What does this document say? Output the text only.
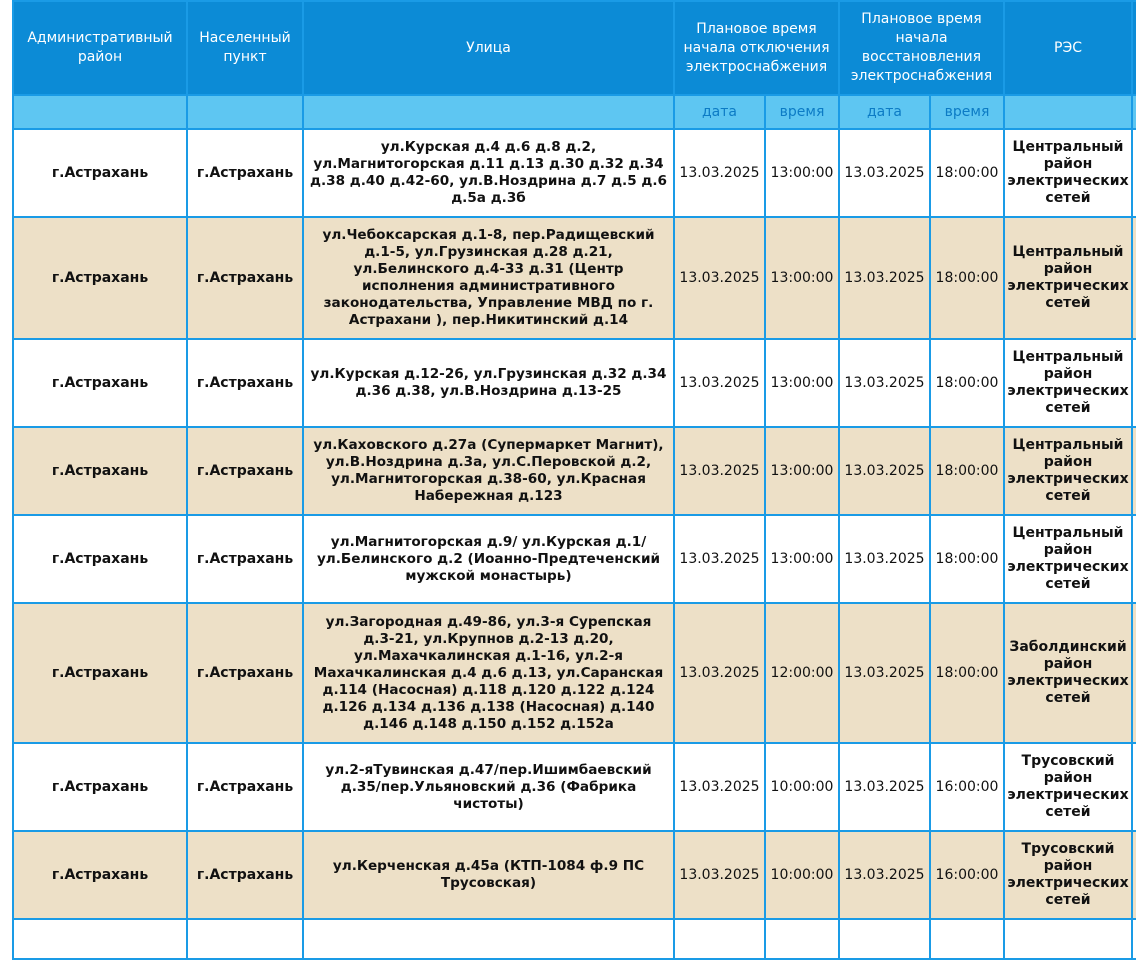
Административный район	Населенный пункт	Улица	Плановое время начала отключения электроснабжения		Плановое время начала восстановления электроснабжения		РЭС	
			дата	время	дата	время		
г.Астрахань	г.Астрахань	ул.Курская д.4 д.6 д.8 д.2, ул.Магнитогорская д.11 д.13 д.30 д.32 д.34 д.38 д.40 д.42-60, ул.В.Ноздрина д.7 д.5 д.6 д.5а д.3б	13.03.2025	13:00:00	13.03.2025	18:00:00	Центральный район электрических сетей	
г.Астрахань	г.Астрахань	ул.Чебоксарская д.1-8, пер.Радищевский д.1-5, ул.Грузинская д.28 д.21, ул.Белинского д.4-33 д.31 (Центр исполнения административного законодательства, Управление МВД по г. Астрахани ), пер.Никитинский д.14	13.03.2025	13:00:00	13.03.2025	18:00:00	Центральный район электрических сетей	
г.Астрахань	г.Астрахань	ул.Курская д.12-26, ул.Грузинская д.32 д.34 д.36 д.38, ул.В.Ноздрина д.13-25	13.03.2025	13:00:00	13.03.2025	18:00:00	Центральный район электрических сетей	
г.Астрахань	г.Астрахань	ул.Каховского д.27а (Супермаркет Магнит), ул.В.Ноздрина д.3а, ул.С.Перовской д.2, ул.Магнитогорская д.38-60, ул.Красная Набережная д.123	13.03.2025	13:00:00	13.03.2025	18:00:00	Центральный район электрических сетей	
г.Астрахань	г.Астрахань	ул.Магнитогорская д.9/ ул.Курская д.1/ ул.Белинского д.2 (Иоанно-Предтеченский мужской монастырь)	13.03.2025	13:00:00	13.03.2025	18:00:00	Центральный район электрических сетей	
г.Астрахань	г.Астрахань	ул.Загородная д.49-86, ул.3-я Сурепская д.3-21, ул.Крупнов д.2-13 д.20, ул.Махачкалинская д.1-16, ул.2-я Махачкалинская д.4 д.6 д.13, ул.Саранская д.114 (Насосная) д.118 д.120 д.122 д.124 д.126 д.134 д.136 д.138 (Насосная) д.140 д.146 д.148 д.150 д.152 д.152а	13.03.2025	12:00:00	13.03.2025	18:00:00	Заболдинский район электрических сетей	
г.Астрахань	г.Астрахань	ул.2-яТувинская д.47/пер.Ишимбаевский д.35/пер.Ульяновский д.36 (Фабрика чистоты)	13.03.2025	10:00:00	13.03.2025	16:00:00	Трусовский район электрических сетей	
г.Астрахань	г.Астрахань	ул.Керченская д.45а (КТП-1084 ф.9 ПС Трусовская)	13.03.2025	10:00:00	13.03.2025	16:00:00	Трусовский район электрических сетей	
